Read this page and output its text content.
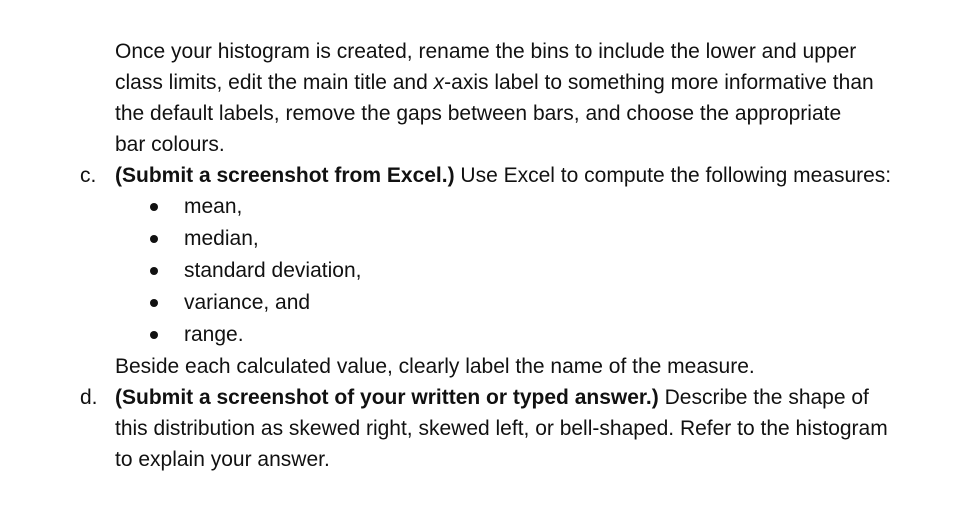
Once your histogram is created, rename the bins to include the lower and upper class limits, edit the main title and x-axis label to something more informative than the default labels, remove the gaps between bars, and choose the appropriate bar colours.

c. (Submit a screenshot from Excel.) Use Excel to compute the following measures:
mean,
median,
standard deviation,
variance, and
range.
Beside each calculated value, clearly label the name of the measure.
d. (Submit a screenshot of your written or typed answer.) Describe the shape of this distribution as skewed right, skewed left, or bell-shaped. Refer to the histogram to explain your answer.
